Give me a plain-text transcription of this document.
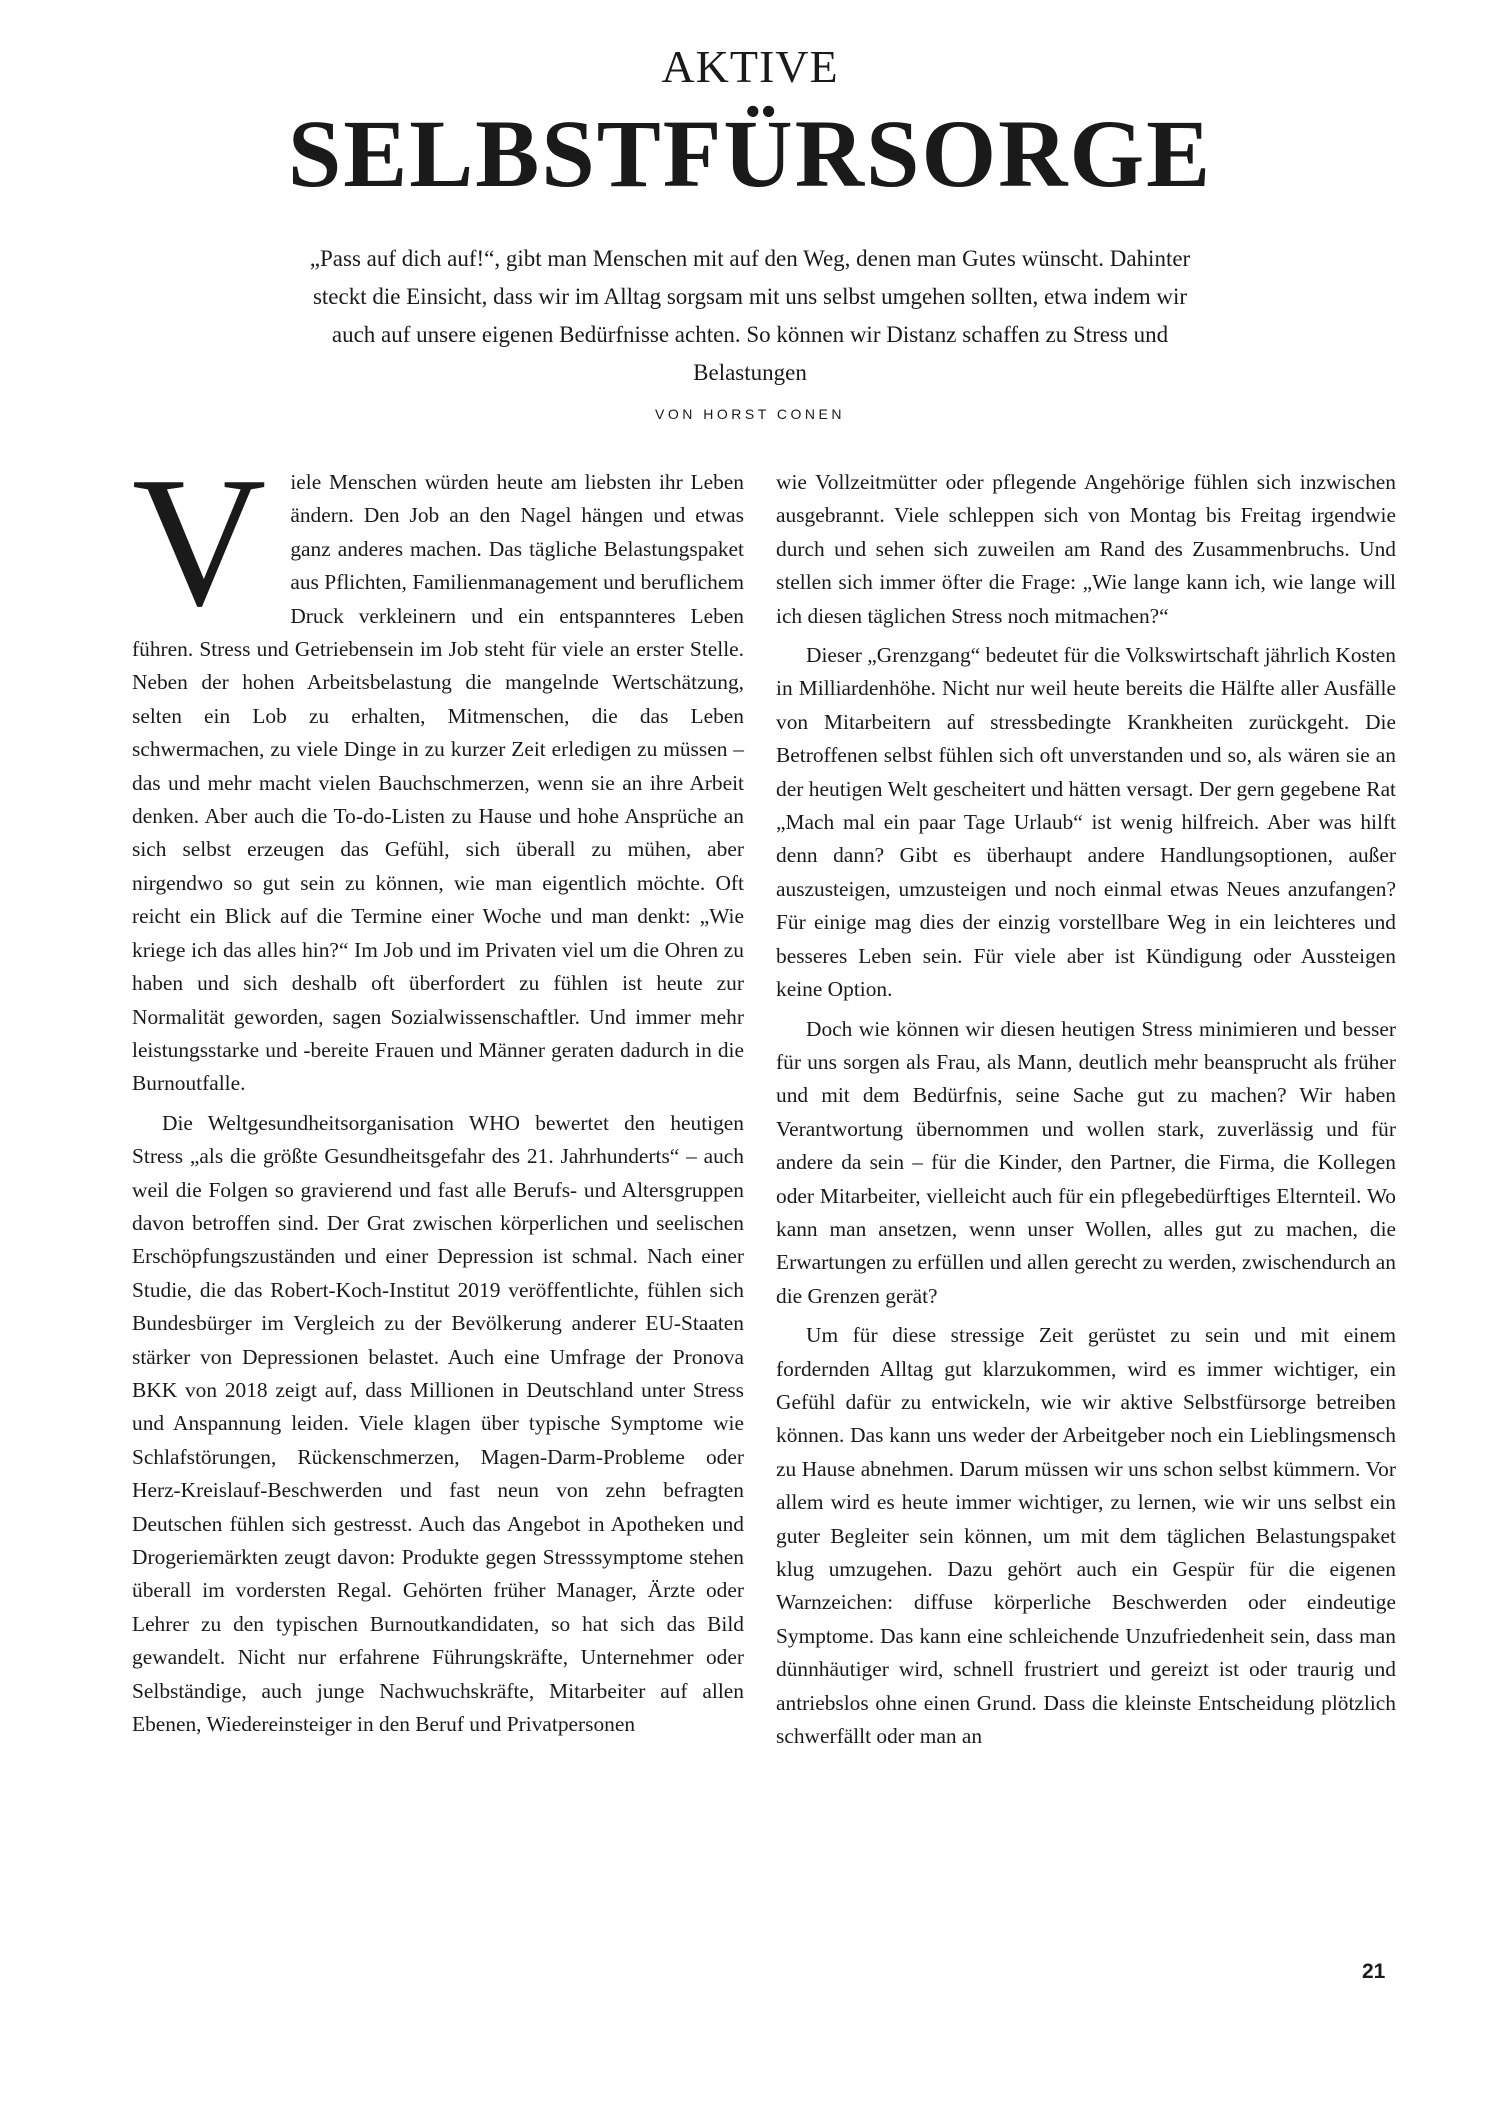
AKTIVE
SELBSTFÜRSORGE

„Pass auf dich auf!“, gibt man Menschen mit auf den Weg, denen man Gutes wünscht. Dahinter steckt die Einsicht, dass wir im Alltag sorgsam mit uns selbst umgehen sollten, etwa indem wir auch auf unsere eigenen Bedürfnisse achten. So können wir Distanz schaffen zu Stress und Belastungen

VON HORST CONEN

V iele Menschen würden heute am liebsten ihr Leben ändern. Den Job an den Nagel hängen und etwas ganz anderes machen. Das tägliche Belastungspaket aus Pflichten, Familienmanagement und beruflichem Druck verkleinern und ein entspannteres Leben führen. Stress und Getriebensein im Job steht für viele an erster Stelle. Neben der hohen Arbeitsbelastung die mangelnde Wertschätzung, selten ein Lob zu erhalten, Mitmenschen, die das Leben schwermachen, zu viele Dinge in zu kurzer Zeit erledigen zu müssen – das und mehr macht vielen Bauchschmerzen, wenn sie an ihre Arbeit denken. Aber auch die To-do-Listen zu Hause und hohe Ansprüche an sich selbst erzeugen das Gefühl, sich überall zu mühen, aber nirgendwo so gut sein zu können, wie man eigentlich möchte. Oft reicht ein Blick auf die Termine einer Woche und man denkt: „Wie kriege ich das alles hin?“ Im Job und im Privaten viel um die Ohren zu haben und sich deshalb oft überfordert zu fühlen ist heute zur Normalität geworden, sagen Sozialwissenschaftler. Und immer mehr leistungsstarke und -bereite Frauen und Männer geraten dadurch in die Burnoutfalle.

Die Weltgesundheitsorganisation WHO bewertet den heutigen Stress „als die größte Gesundheitsgefahr des 21. Jahrhunderts“ – auch weil die Folgen so gravierend und fast alle Berufs- und Altersgruppen davon betroffen sind. Der Grat zwischen körperlichen und seelischen Erschöpfungszuständen und einer Depression ist schmal. Nach einer Studie, die das Robert-Koch-Institut 2019 veröffentlichte, fühlen sich Bundesbürger im Vergleich zu der Bevölkerung anderer EU-Staaten stärker von Depressionen belastet. Auch eine Umfrage der Pronova BKK von 2018 zeigt auf, dass Millionen in Deutschland unter Stress und Anspannung leiden. Viele klagen über typische Symptome wie Schlafstörungen, Rückenschmerzen, Magen-Darm-Probleme oder Herz-Kreislauf-Beschwerden und fast neun von zehn befragten Deutschen fühlen sich gestresst. Auch das Angebot in Apotheken und Drogeriemärkten zeugt davon: Produkte gegen Stresssymptome stehen überall im vordersten Regal. Gehörten früher Manager, Ärzte oder Lehrer zu den typischen Burnoutkandidaten, so hat sich das Bild gewandelt. Nicht nur erfahrene Führungskräfte, Unternehmer oder Selbständige, auch junge Nachwuchskräfte, Mitarbeiter auf allen Ebenen, Wiedereinsteiger in den Beruf und Privatpersonen

wie Vollzeitmütter oder pflegende Angehörige fühlen sich inzwischen ausgebrannt. Viele schleppen sich von Montag bis Freitag irgendwie durch und sehen sich zuweilen am Rand des Zusammenbruchs. Und stellen sich immer öfter die Frage: „Wie lange kann ich, wie lange will ich diesen täglichen Stress noch mitmachen?“

Dieser „Grenzgang“ bedeutet für die Volkswirtschaft jährlich Kosten in Milliardenhöhe. Nicht nur weil heute bereits die Hälfte aller Ausfälle von Mitarbeitern auf stressbedingte Krankheiten zurückgeht. Die Betroffenen selbst fühlen sich oft unverstanden und so, als wären sie an der heutigen Welt gescheitert und hätten versagt. Der gern gegebene Rat „Mach mal ein paar Tage Urlaub“ ist wenig hilfreich. Aber was hilft denn dann? Gibt es überhaupt andere Handlungsoptionen, außer auszusteigen, umzusteigen und noch einmal etwas Neues anzufangen? Für einige mag dies der einzig vorstellbare Weg in ein leichteres und besseres Leben sein. Für viele aber ist Kündigung oder Aussteigen keine Option.

Doch wie können wir diesen heutigen Stress minimieren und besser für uns sorgen als Frau, als Mann, deutlich mehr beansprucht als früher und mit dem Bedürfnis, seine Sache gut zu machen? Wir haben Verantwortung übernommen und wollen stark, zuverlässig und für andere da sein – für die Kinder, den Partner, die Firma, die Kollegen oder Mitarbeiter, vielleicht auch für ein pflegebedürftiges Elternteil. Wo kann man ansetzen, wenn unser Wollen, alles gut zu machen, die Erwartungen zu erfüllen und allen gerecht zu werden, zwischendurch an die Grenzen gerät?

Um für diese stressige Zeit gerüstet zu sein und mit einem fordernden Alltag gut klarzukommen, wird es immer wichtiger, ein Gefühl dafür zu entwickeln, wie wir aktive Selbstfürsorge betreiben können. Das kann uns weder der Arbeitgeber noch ein Lieblingsmensch zu Hause abnehmen. Darum müssen wir uns schon selbst kümmern. Vor allem wird es heute immer wichtiger, zu lernen, wie wir uns selbst ein guter Begleiter sein können, um mit dem täglichen Belastungspaket klug umzugehen. Dazu gehört auch ein Gespür für die eigenen Warnzeichen: diffuse körperliche Beschwerden oder eindeutige Symptome. Das kann eine schleichende Unzufriedenheit sein, dass man dünnhäutiger wird, schnell frustriert und gereizt ist oder traurig und antriebslos ohne einen Grund. Dass die kleinste Entscheidung plötzlich schwerfällt oder man an

21
